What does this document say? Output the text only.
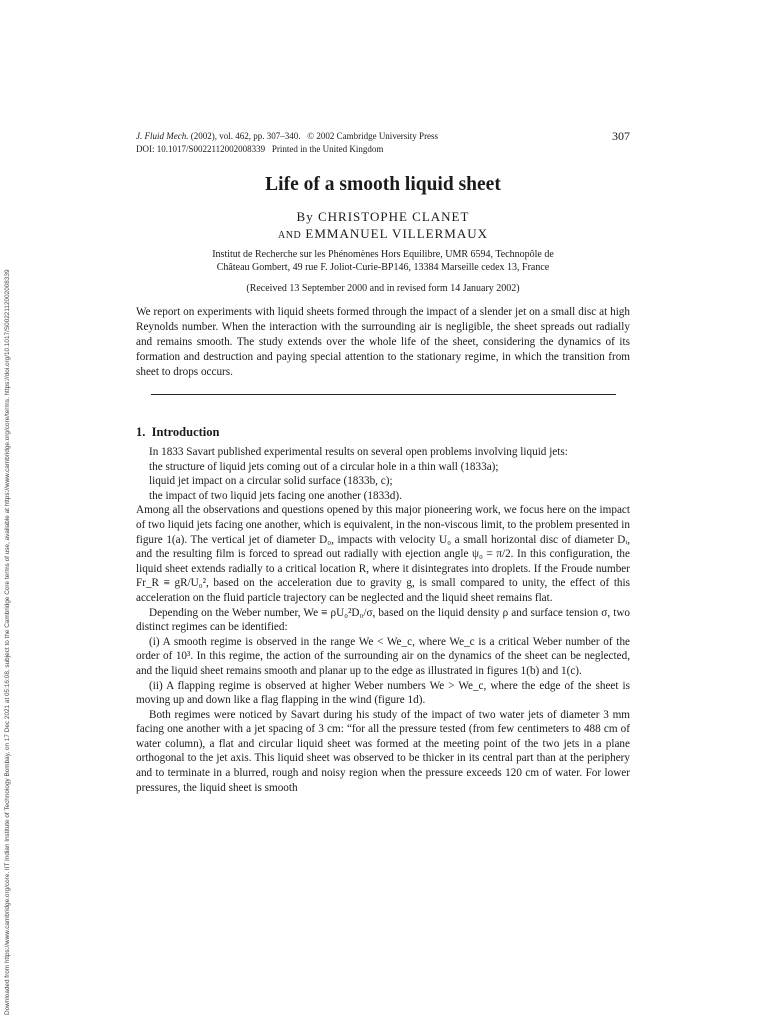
Downloaded from https://www.cambridge.org/core. IIT Indian Institute of Technology Bombay, on 17 Dec 2021 at 05:16:08, subject to the Cambridge Core terms of use, available at https://www.cambridge.org/core/terms. https://doi.org/10.1017/S0022112002008339
J. Fluid Mech. (2002), vol. 462, pp. 307–340. © 2002 Cambridge University Press
DOI: 10.1017/S0022112002008339 Printed in the United Kingdom
307
Life of a smooth liquid sheet
By CHRISTOPHE CLANET
AND EMMANUEL VILLERMAUX
Institut de Recherche sur les Phénomènes Hors Equilibre, UMR 6594, Technopôle de
Château Gombert, 49 rue F. Joliot-Curie-BP146, 13384 Marseille cedex 13, France
(Received 13 September 2000 and in revised form 14 January 2002)
We report on experiments with liquid sheets formed through the impact of a slender jet on a small disc at high Reynolds number. When the interaction with the surrounding air is negligible, the sheet spreads out radially and remains smooth. The study extends over the whole life of the sheet, considering the dynamics of its formation and destruction and paying special attention to the stationary regime, in which the transition from sheet to drops occurs.
1. Introduction

In 1833 Savart published experimental results on several open problems involving liquid jets:

the structure of liquid jets coming out of a circular hole in a thin wall (1833a);

liquid jet impact on a circular solid surface (1833b, c);

the impact of two liquid jets facing one another (1833d).

Among all the observations and questions opened by this major pioneering work, we focus here on the impact of two liquid jets facing one another, which is equivalent, in the non-viscous limit, to the problem presented in figure 1(a). The vertical jet of diameter D₀, impacts with velocity U₀ a small horizontal disc of diameter Dᵢ, and the resulting film is forced to spread out radially with ejection angle ψ₀ = π/2. In this configuration, the liquid sheet extends radially to a critical location R, where it disintegrates into droplets. If the Froude number Fr_R ≡ gR/U₀², based on the acceleration due to gravity g, is small compared to unity, the effect of this acceleration on the fluid particle trajectory can be neglected and the liquid sheet remains flat.

Depending on the Weber number, We ≡ ρU₀²D₀/σ, based on the liquid density ρ and surface tension σ, two distinct regimes can be identified:

(i) A smooth regime is observed in the range We < We_c, where We_c is a critical Weber number of the order of 10³. In this regime, the action of the surrounding air on the dynamics of the sheet can be neglected, and the liquid sheet remains smooth and planar up to the edge as illustrated in figures 1(b) and 1(c).

(ii) A flapping regime is observed at higher Weber numbers We > We_c, where the edge of the sheet is moving up and down like a flag flapping in the wind (figure 1d).

Both regimes were noticed by Savart during his study of the impact of two water jets of diameter 3 mm facing one another with a jet spacing of 3 cm: “for all the pressure tested (from few centimeters to 488 cm of water column), a flat and circular liquid sheet was formed at the meeting point of the two jets in a plane orthogonal to the jet axis. This liquid sheet was observed to be thicker in its central part than at the periphery and to terminate in a blurred, rough and noisy region when the pressure exceeds 120 cm of water. For lower pressures, the liquid sheet is smooth
